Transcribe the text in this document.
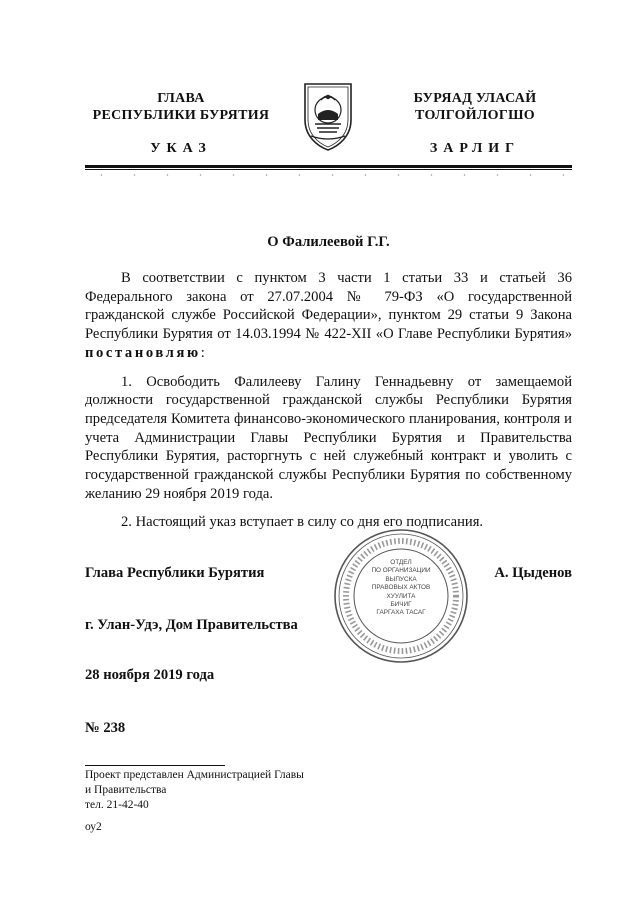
ГЛАВА
РЕСПУБЛИКИ БУРЯТИЯ
БУРЯАД УЛАСАЙ
ТОЛГОЙЛОГШО
УКАЗ	ЗАРЛИГ
О Фалилеевой Г.Г.

В соответствии с пунктом 3 части 1 статьи 33 и статьей 36 Федерального закона от 27.07.2004 № 79-ФЗ «О государственной гражданской службе Российской Федерации», пунктом 29 статьи 9 Закона Республики Бурятия от 14.03.1994 № 422-XII «О Главе Республики Бурятия» постановляю:

1. Освободить Фалилееву Галину Геннадьевну от замещаемой должности государственной гражданской службы Республики Бурятия председателя Комитета финансово-экономического планирования, контроля и учета Администрации Главы Республики Бурятия и Правительства Республики Бурятия, расторгнуть с ней служебный контракт и уволить с государственной гражданской службы Республики Бурятия по собственному желанию 29 ноября 2019 года.

2. Настоящий указ вступает в силу со дня его подписания.

Глава Республики Бурятия	А. Цыденов
ОТДЕЛ
ПО ОРГАНИЗАЦИИ
ВЫПУСКА
ПРАВОВЫХ АКТОВ
ХУУЛИТА
БИЧИГ
ГАРГАХА ТАСАГ
г. Улан-Удэ, Дом Правительства
28 ноября 2019 года
№ 238
Проект представлен Администрацией Главы
и Правительства
тел. 21-42-40
оу2
